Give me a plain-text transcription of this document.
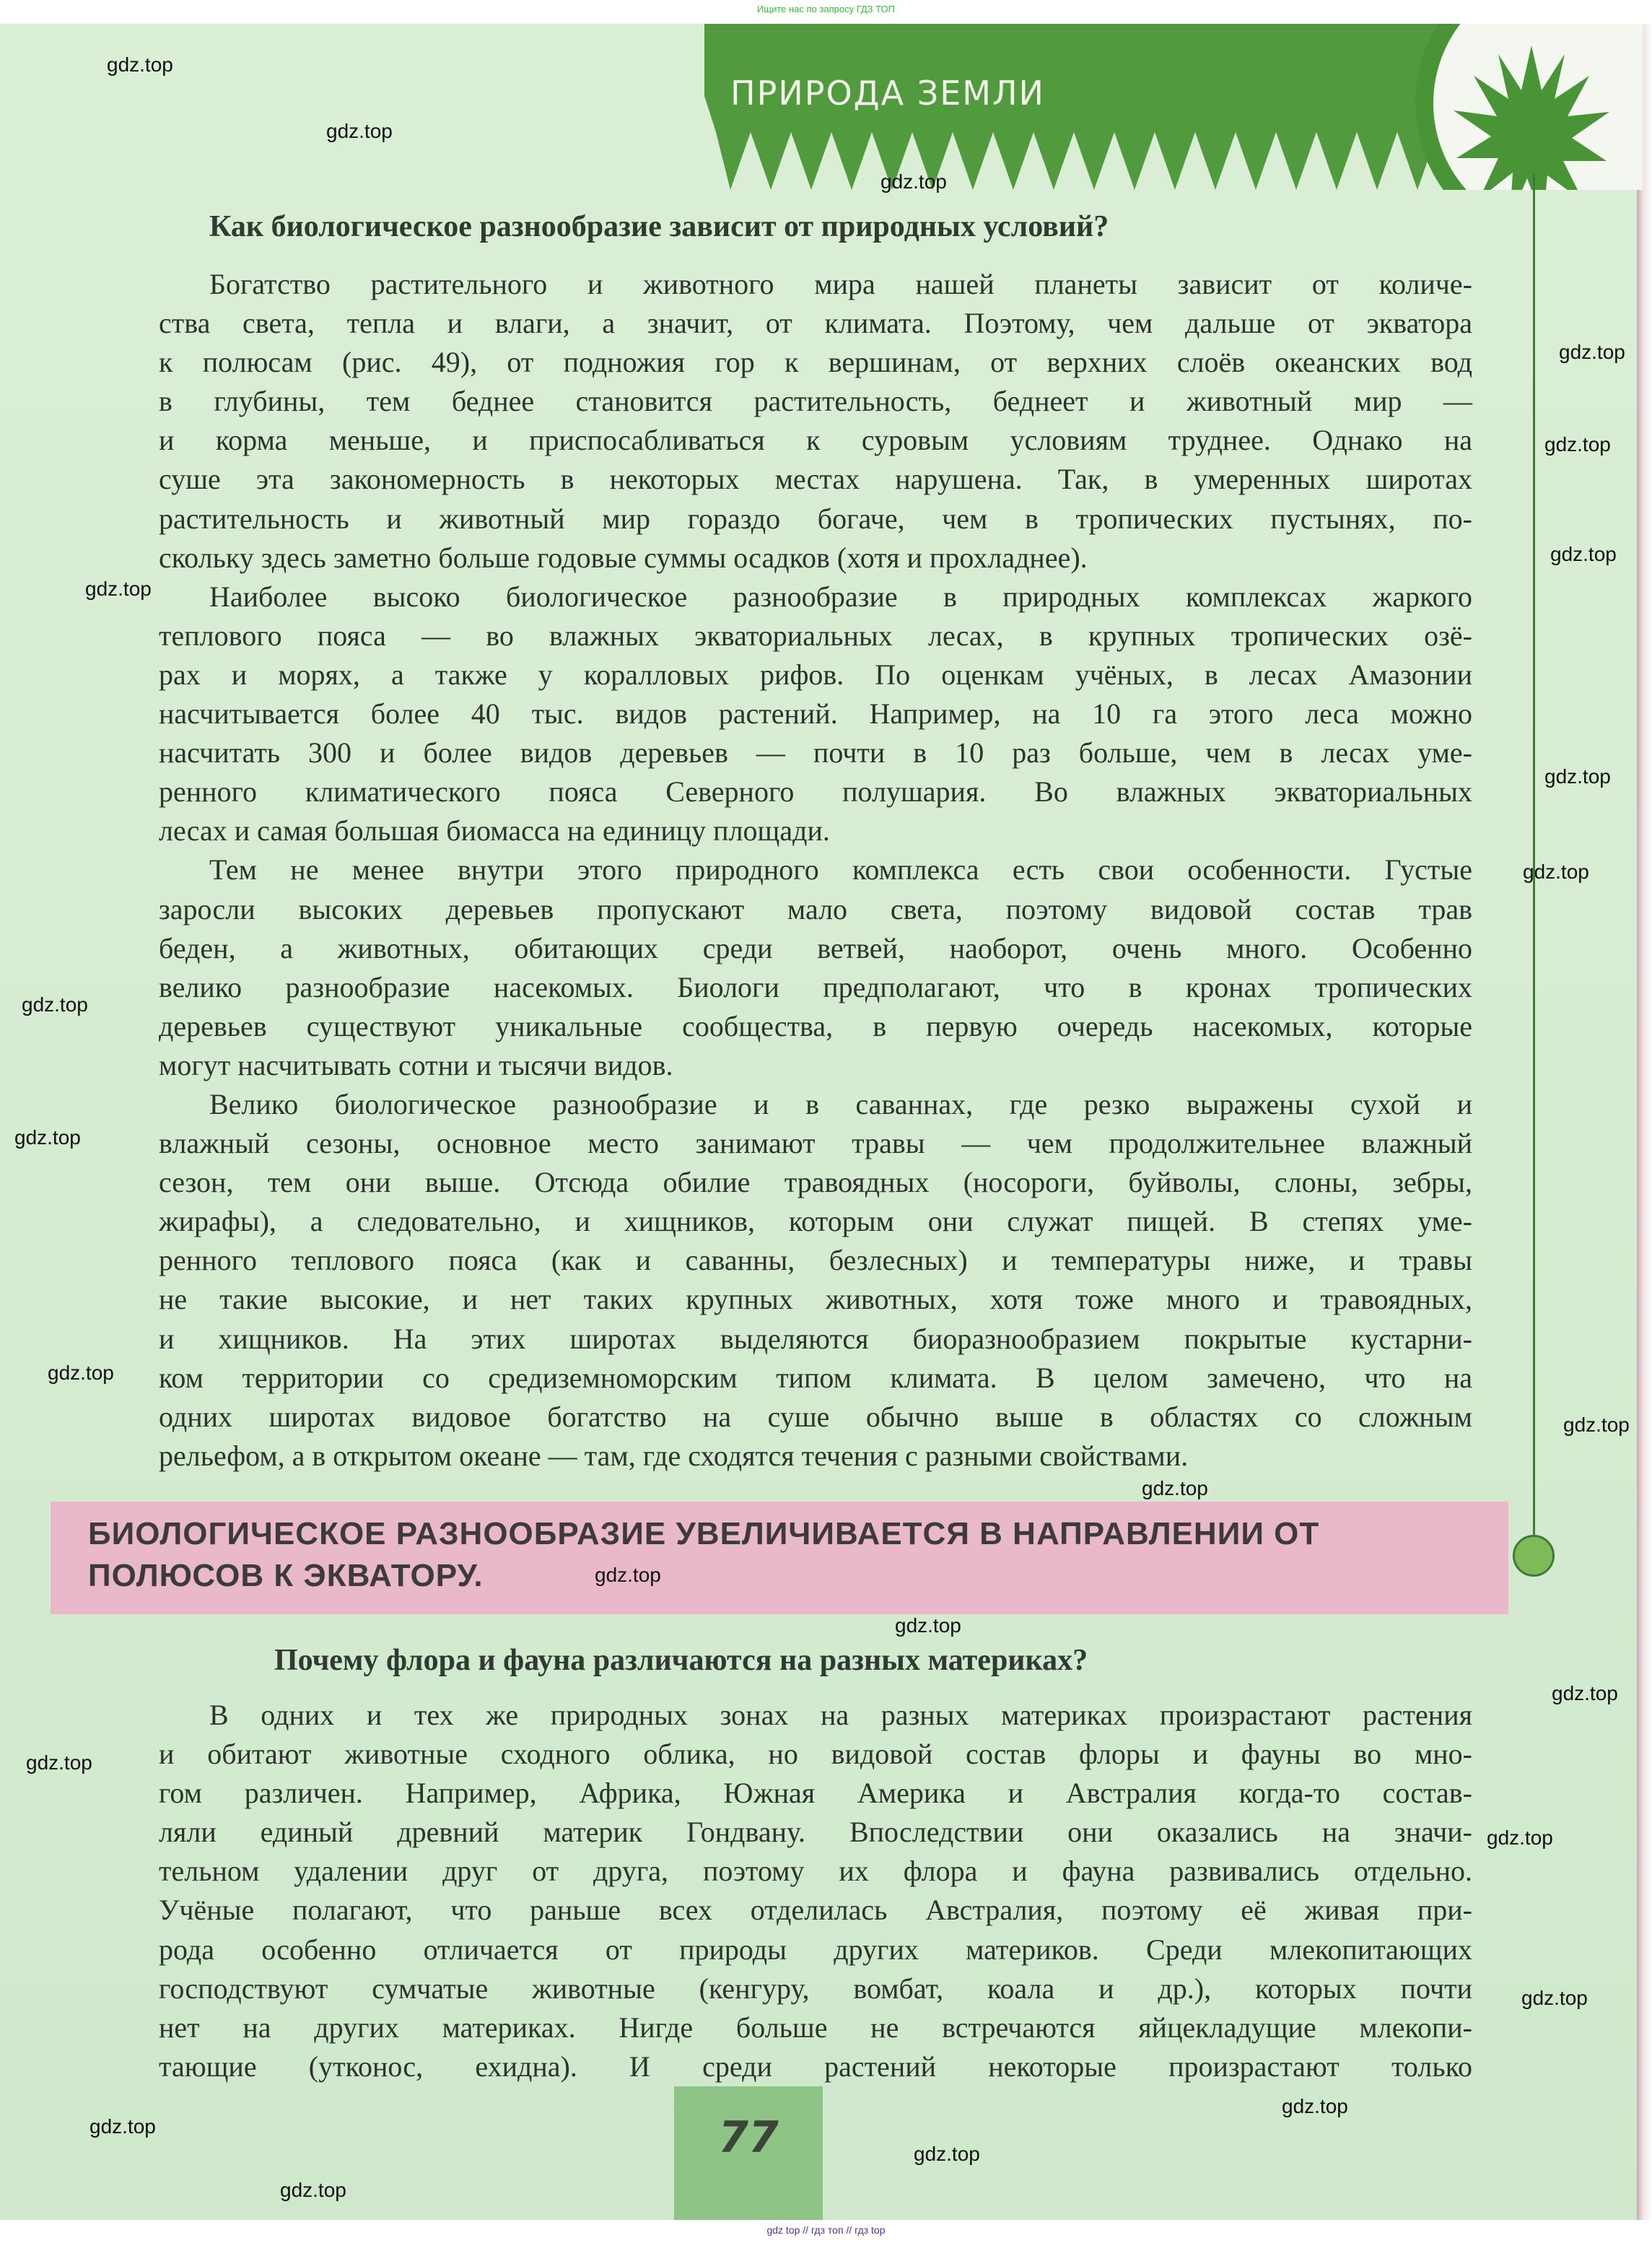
Ищите нас по запросу ГДЗ ТОП
ПРИРОДА ЗЕМЛИ
Как биологическое разнообразие зависит от природных условий?
Богатство растительного и животного мира нашей планеты зависит от количе-
ства света, тепла и влаги, а значит, от климата. Поэтому, чем дальше от экватора
к полюсам (рис. 49), от подножия гор к вершинам, от верхних слоёв океанских вод
в глубины, тем беднее становится растительность, беднеет и животный мир —
и корма меньше, и приспосабливаться к суровым условиям труднее. Однако на
суше эта закономерность в некоторых местах нарушена. Так, в умеренных широтах
растительность и животный мир гораздо богаче, чем в тропических пустынях, по-
скольку здесь заметно больше годовые суммы осадков (хотя и прохладнее).
Наиболее высоко биологическое разнообразие в природных комплексах жаркого
теплового пояса — во влажных экваториальных лесах, в крупных тропических озё-
рах и морях, а также у коралловых рифов. По оценкам учёных, в лесах Амазонии
насчитывается более 40 тыс. видов растений. Например, на 10 га этого леса можно
насчитать 300 и более видов деревьев — почти в 10 раз больше, чем в лесах уме-
ренного климатического пояса Северного полушария. Во влажных экваториальных
лесах и самая большая биомасса на единицу площади.
Тем не менее внутри этого природного комплекса есть свои особенности. Густые
заросли высоких деревьев пропускают мало света, поэтому видовой состав трав
беден, а животных, обитающих среди ветвей, наоборот, очень много. Особенно
велико разнообразие насекомых. Биологи предполагают, что в кронах тропических
деревьев существуют уникальные сообщества, в первую очередь насекомых, которые
могут насчитывать сотни и тысячи видов.
Велико биологическое разнообразие и в саваннах, где резко выражены сухой и
влажный сезоны, основное место занимают травы — чем продолжительнее влажный
сезон, тем они выше. Отсюда обилие травоядных (носороги, буйволы, слоны, зебры,
жирафы), а следовательно, и хищников, которым они служат пищей. В степях уме-
ренного теплового пояса (как и саванны, безлесных) и температуры ниже, и травы
не такие высокие, и нет таких крупных животных, хотя тоже много и травоядных,
и хищников. На этих широтах выделяются биоразнообразием покрытые кустарни-
ком территории со средиземноморским типом климата. В целом замечено, что на
одних широтах видовое богатство на суше обычно выше в областях со сложным
рельефом, а в открытом океане — там, где сходятся течения с разными свойствами.
БИОЛОГИЧЕСКОЕ РАЗНООБРАЗИЕ УВЕЛИЧИВАЕТСЯ В НАПРАВЛЕНИИ ОТ
ПОЛЮСОВ К ЭКВАТОРУ.
Почему флора и фауна различаются на разных материках?
В одних и тех же природных зонах на разных материках произрастают растения
и обитают животные сходного облика, но видовой состав флоры и фауны во мно-
гом различен. Например, Африка, Южная Америка и Австралия когда-то состав-
ляли единый древний материк Гондвану. Впоследствии они оказались на значи-
тельном удалении друг от друга, поэтому их флора и фауна развивались отдельно.
Учёные полагают, что раньше всех отделилась Австралия, поэтому её живая при-
рода особенно отличается от природы других материков. Среди млекопитающих
господствуют сумчатые животные (кенгуру, вомбат, коала и др.), которых почти
нет на других материках. Нигде больше не встречаются яйцекладущие млекопи-
тающие (утконос, ехидна). И среди растений некоторые произрастают только
77
gdz top // гдз топ // гдз top
gdz.top
gdz.top
gdz.top
gdz.top
gdz.top
gdz.top
gdz.top
gdz.top
gdz.top
gdz.top
gdz.top
gdz.top
gdz.top
gdz.top
gdz.top
gdz.top
gdz.top
gdz.top
gdz.top
gdz.top
gdz.top
gdz.top
gdz.top
gdz.top
